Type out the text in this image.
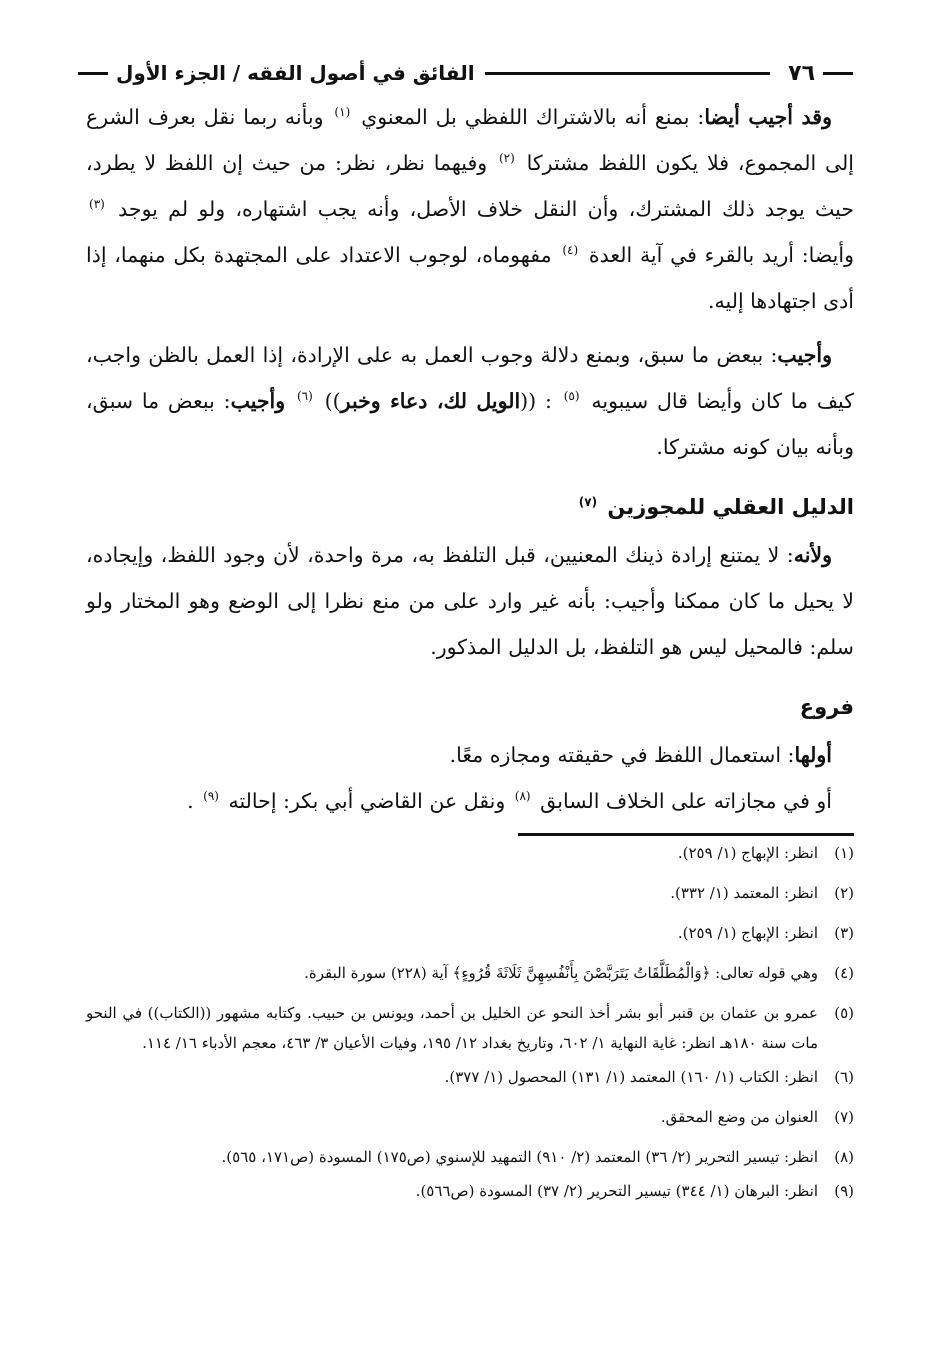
٧٦
الفائق في أصول الفقه / الجزء الأول

وقد أجيب أيضا: بمنع أنه بالاشتراك اللفظي بل المعنوي $^{(١)}$ وبأنه ربما نقل بعرف الشرع إلى المجموع، فلا يكون اللفظ مشتركا $^{(٢)}$ وفيهما نظر، نظر: من حيث إن اللفظ لا يطرد، حيث يوجد ذلك المشترك، وأن النقل خلاف الأصل، وأنه يجب اشتهاره، ولو لم يوجد $^{(٣)}$ وأيضا: أريد بالقرء في آية العدة $^{(٤)}$ مفهوماه، لوجوب الاعتداد على المجتهدة بكل منهما، إذا أدى اجتهادها إليه.

وأجيب: ببعض ما سبق، وبمنع دلالة وجوب العمل به على الإرادة، إذا العمل بالظن واجب، كيف ما كان وأيضا قال سيبويه $^{(٥)}$ : ((الويل لك، دعاء وخبر)) $^{(٦)}$ وأجيب: ببعض ما سبق، وبأنه بيان كونه مشتركا.

الدليل العقلي للمجوزين $^{(٧)}$

ولأنه: لا يمتنع إرادة ذينك المعنيين، قبل التلفظ به، مرة واحدة، لأن وجود اللفظ، وإيجاده، لا يحيل ما كان ممكنا وأجيب: بأنه غير وارد على من منع نظرا إلى الوضع وهو المختار ولو سلم: فالمحيل ليس هو التلفظ، بل الدليل المذكور.

فروع

أولها: استعمال اللفظ في حقيقته ومجازه معًا.

أو في مجازاته على الخلاف السابق $^{(٨)}$ ونقل عن القاضي أبي بكر: إحالته $^{(٩)}$ .

(١)
انظر: الإبهاج (١/ ٢٥٩).
(٢)
انظر: المعتمد (١/ ٣٣٢).
(٣)
انظر: الإبهاج (١/ ٢٥٩).
(٤)
وهي قوله تعالى: ﴿وَالْمُطَلَّقَاتُ يَتَرَبَّصْنَ بِأَنْفُسِهِنَّ ثَلَاثَةَ قُرُوءٍ﴾ آية (٢٢٨) سورة البقرة.
(٥)
عمرو بن عثمان بن قنبر أبو بشر أخذ النحو عن الخليل بن أحمد، ويونس بن حبيب. وكتابه مشهور ((الكتاب)) في النحو مات سنة ١٨٠هـ انظر: غاية النهاية ١/ ٦٠٢، وتاريخ بغداد ١٢/ ١٩٥، وفيات الأعيان ٣/ ٤٦٣، معجم الأدباء ١٦/ ١١٤.
(٦)
انظر: الكتاب (١/ ١٦٠) المعتمد (١/ ١٣١) المحصول (١/ ٣٧٧).
(٧)
العنوان من وضع المحقق.
(٨)
انظر: تيسير التحرير (٢/ ٣٦) المعتمد (٢/ ٩١٠) التمهيد للإسنوي (ص١٧٥) المسودة (ص١٧١، ٥٦٥).
(٩)
انظر: البرهان (١/ ٣٤٤) تيسير التحرير (٢/ ٣٧) المسودة (ص٥٦٦).
